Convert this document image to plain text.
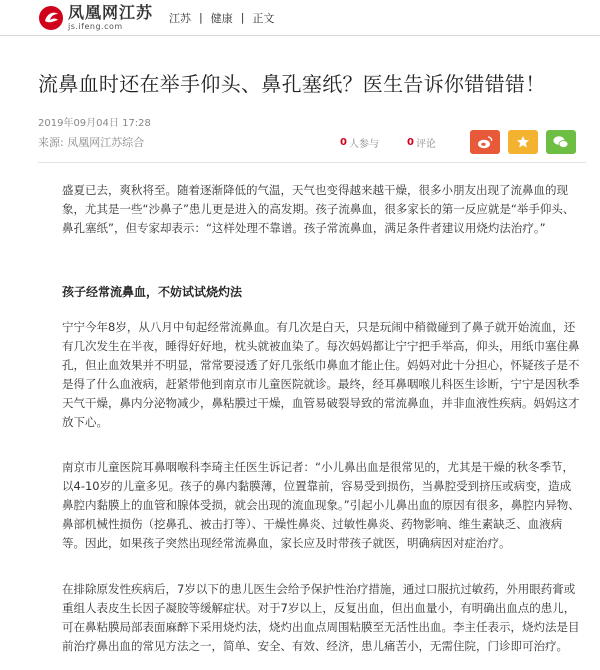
凤凰网江苏
js.ifeng.com
江苏 | 健康 | 正文
流鼻血时还在举手仰头、鼻孔塞纸？医生告诉你错错错！
2019年09月04日 17:28
来源: 凤凰网江苏综合	0 人参与	0 评论

盛夏已去，爽秋将至。随着逐渐降低的气温，天气也变得越来越干燥，很多小朋友出现了流鼻血的现象，尤其是一些“沙鼻子”患儿更是进入的高发期。孩子流鼻血，很多家长的第一反应就是“举手仰头、鼻孔塞纸”，但专家却表示：“这样处理不靠谱。孩子常流鼻血，满足条件者建议用烧灼法治疗。”

孩子经常流鼻血，不妨试试烧灼法

宁宁今年8岁，从八月中旬起经常流鼻血。有几次是白天，只是玩闹中稍微碰到了鼻子就开始流血，还有几次发生在半夜，睡得好好地，枕头就被血染了。每次妈妈都让宁宁把手举高，仰头，用纸巾塞住鼻孔，但止血效果并不明显，常常要浸透了好几张纸巾鼻血才能止住。妈妈对此十分担心，怀疑孩子是不是得了什么血液病，赶紧带他到南京市儿童医院就诊。最终，经耳鼻咽喉儿科医生诊断，宁宁是因秋季天气干燥，鼻内分泌物减少，鼻粘膜过干燥，血管易破裂导致的常流鼻血，并非血液性疾病。妈妈这才放下心。

南京市儿童医院耳鼻咽喉科李琦主任医生诉记者：“小儿鼻出血是很常见的，尤其是干燥的秋冬季节，以4-10岁的儿童多见。孩子的鼻内黏膜薄，位置靠前，容易受到损伤，当鼻腔受到挤压或病变，造成鼻腔内黏膜上的血管和腺体受损，就会出现的流血现象。”引起小儿鼻出血的原因有很多，鼻腔内异物、鼻部机械性损伤（挖鼻孔、被击打等）、干燥性鼻炎、过敏性鼻炎、药物影响、维生素缺乏、血液病等。因此，如果孩子突然出现经常流鼻血，家长应及时带孩子就医，明确病因对症治疗。

在排除原发性疾病后，7岁以下的患儿医生会给予保护性治疗措施，通过口服抗过敏药，外用眼药膏或重组人表皮生长因子凝胶等缓解症状。对于7岁以上，反复出血，但出血量小，有明确出血点的患儿，可在鼻粘膜局部表面麻醉下采用烧灼法，烧灼出血点周围粘膜至无活性出血。李主任表示，烧灼法是目前治疗鼻出血的常见方法之一，简单、安全、有效、经济，患儿痛苦小，无需住院，门诊即可治疗。
